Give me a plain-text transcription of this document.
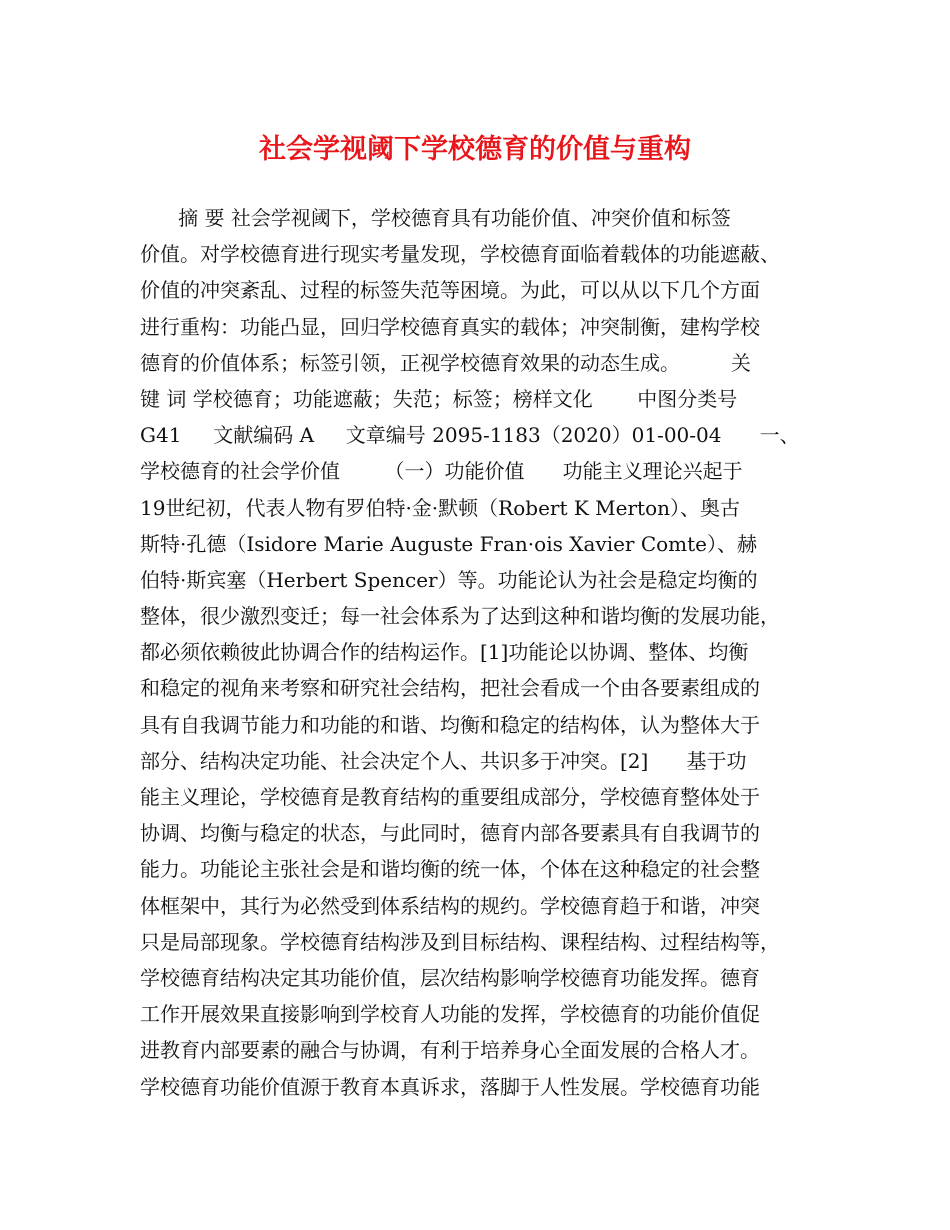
社会学视阈下学校德育的价值与重构
摘 要 社会学视阈下，学校德育具有功能价值、冲突价值和标签
价值。对学校德育进行现实考量发现，学校德育面临着载体的功能遮蔽、
价值的冲突紊乱、过程的标签失范等困境。为此，可以从以下几个方面
进行重构：功能凸显，回归学校德育真实的载体；冲突制衡，建构学校
德育的价值体系；标签引领，正视学校德育效果的动态生成。        关
键 词 学校德育；功能遮蔽；失范；标签；榜样文化       中图分类号
G41     文献编码 A     文章编号 2095-1183（2020）01-00-04      一、
学校德育的社会学价值       （一）功能价值      功能主义理论兴起于
19世纪初，代表人物有罗伯特·金·默顿（Robert K Merton）、奥古
斯特·孔德（Isidore Marie Auguste Fran·ois Xavier Comte）、赫
伯特·斯宾塞（Herbert Spencer）等。功能论认为社会是稳定均衡的
整体，很少激烈变迁；每一社会体系为了达到这种和谐均衡的发展功能，
都必须依赖彼此协调合作的结构运作。[1]功能论以协调、整体、均衡
和稳定的视角来考察和研究社会结构，把社会看成一个由各要素组成的
具有自我调节能力和功能的和谐、均衡和稳定的结构体，认为整体大于
部分、结构决定功能、社会决定个人、共识多于冲突。[2]      基于功
能主义理论，学校德育是教育结构的重要组成部分，学校德育整体处于
协调、均衡与稳定的状态，与此同时，德育内部各要素具有自我调节的
能力。功能论主张社会是和谐均衡的统一体，个体在这种稳定的社会整
体框架中，其行为必然受到体系结构的规约。学校德育趋于和谐，冲突
只是局部现象。学校德育结构涉及到目标结构、课程结构、过程结构等，
学校德育结构决定其功能价值，层次结构影响学校德育功能发挥。德育
工作开展效果直接影响到学校育人功能的发挥，学校德育的功能价值促
进教育内部要素的融合与协调，有利于培养身心全面发展的合格人才。
学校德育功能价值源于教育本真诉求，落脚于人性发展。学校德育功能
